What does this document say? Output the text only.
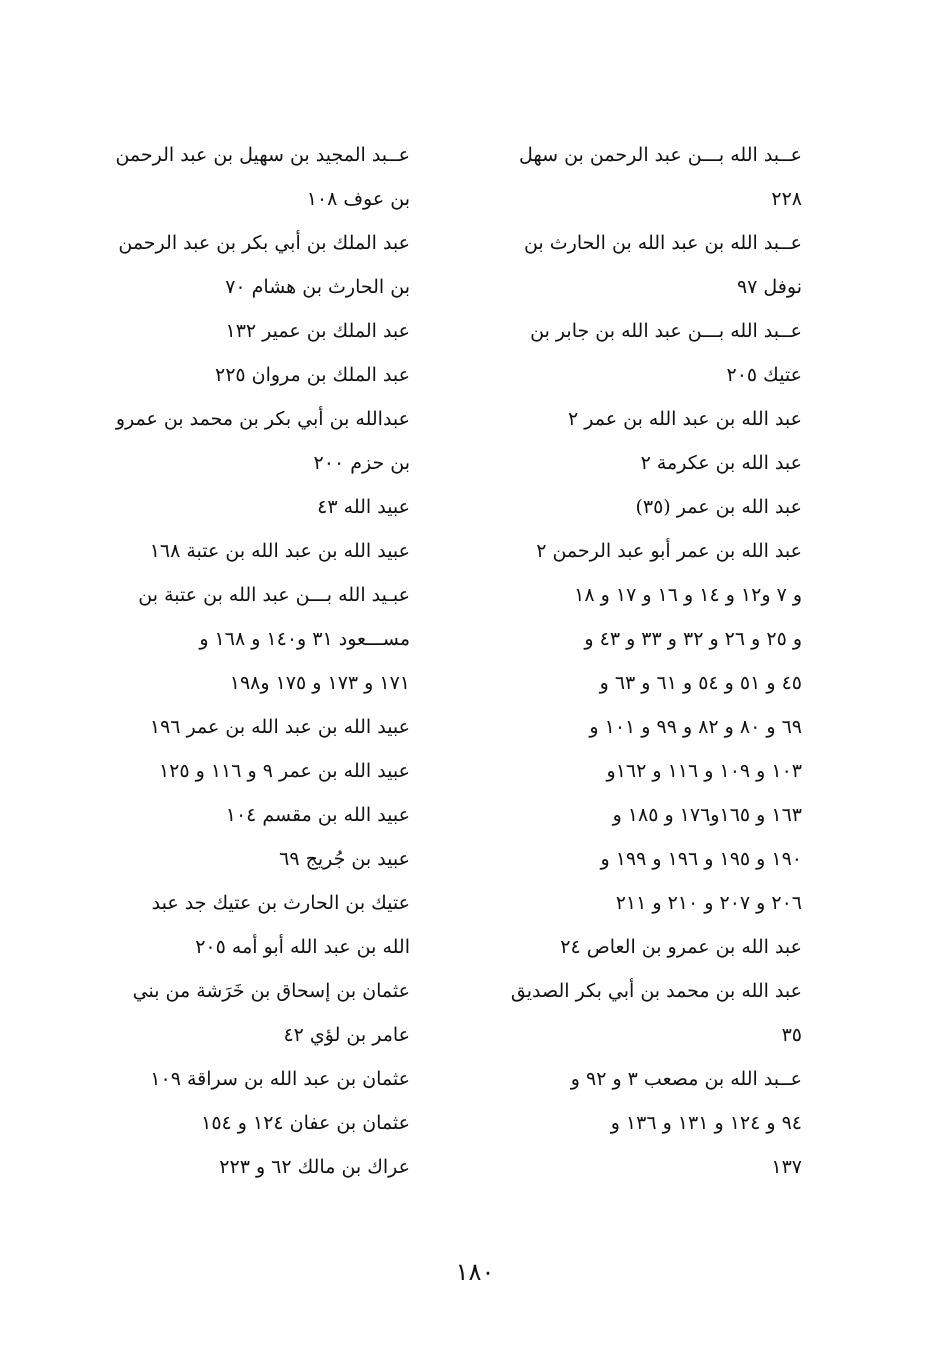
عــبد الله بـــن عبد الرحمن بن سهل
٢٢٨
عــبد الله بن عبد الله بن الحارث بن
نوفل ٩٧
عــبد الله بـــن عبد الله بن جابر بن
عتيك ٢٠٥
عبد الله بن عبد الله بن عمر ٢
عبد الله بن عكرمة ٢
عبد الله بن عمر (٣٥)
عبد الله بن عمر أبو عبد الرحمن ٢
و ٧ و١٢ و ١٤ و ١٦ و ١٧ و ١٨
و ٢٥ و ٢٦ و ٣٢ و ٣٣ و ٤٣ و
٤٥ و ٥١ و ٥٤ و ٦١ و ٦٣ و
٦٩ و ٨٠ و ٨٢ و ٩٩ و ١٠١ و
١٠٣ و ١٠٩ و ١١٦ و ١٦٢و
١٦٣ و ١٦٥و١٧٦ و ١٨٥ و
١٩٠ و ١٩٥ و ١٩٦ و ١٩٩ و
٢٠٦ و ٢٠٧ و ٢١٠ و ٢١١
عبد الله بن عمرو بن العاص ٢٤
عبد الله بن محمد بن أبي بكر الصديق
٣٥
عــبد الله بن مصعب ٣ و ٩٢ و
٩٤ و ١٢٤ و ١٣١ و ١٣٦ و
١٣٧
عــبد المجيد بن سهيل بن عبد الرحمن
بن عوف ١٠٨
عبد الملك بن أبي بكر بن عبد الرحمن
بن الحارث بن هشام ٧٠
عبد الملك بن عمير ١٣٢
عبد الملك بن مروان ٢٢٥
عبدالله بن أبي بكر بن محمد بن عمرو
بن حزم ٢٠٠
عبيد الله ٤٣
عبيد الله بن عبد الله بن عتبة ١٦٨
عبـيد الله بـــن عبد الله بن عتبة بن
مســـعود ٣١ و١٤٠ و ١٦٨ و
١٧١ و ١٧٣ و ١٧٥ و١٩٨
عبيد الله بن عبد الله بن عمر ١٩٦
عبيد الله بن عمر ٩ و ١١٦ و ١٢٥
عبيد الله بن مقسم ١٠٤
عبيد بن جُريج ٦٩
عتيك بن الحارث بن عتيك جد عبد
الله بن عبد الله أبو أمه ٢٠٥
عثمان بن إسحاق بن خَرَشة من بني
عامر بن لؤي ٤٢
عثمان بن عبد الله بن سراقة ١٠٩
عثمان بن عفان ١٢٤ و ١٥٤
عراك بن مالك ٦٢ و ٢٢٣
١٨٠
